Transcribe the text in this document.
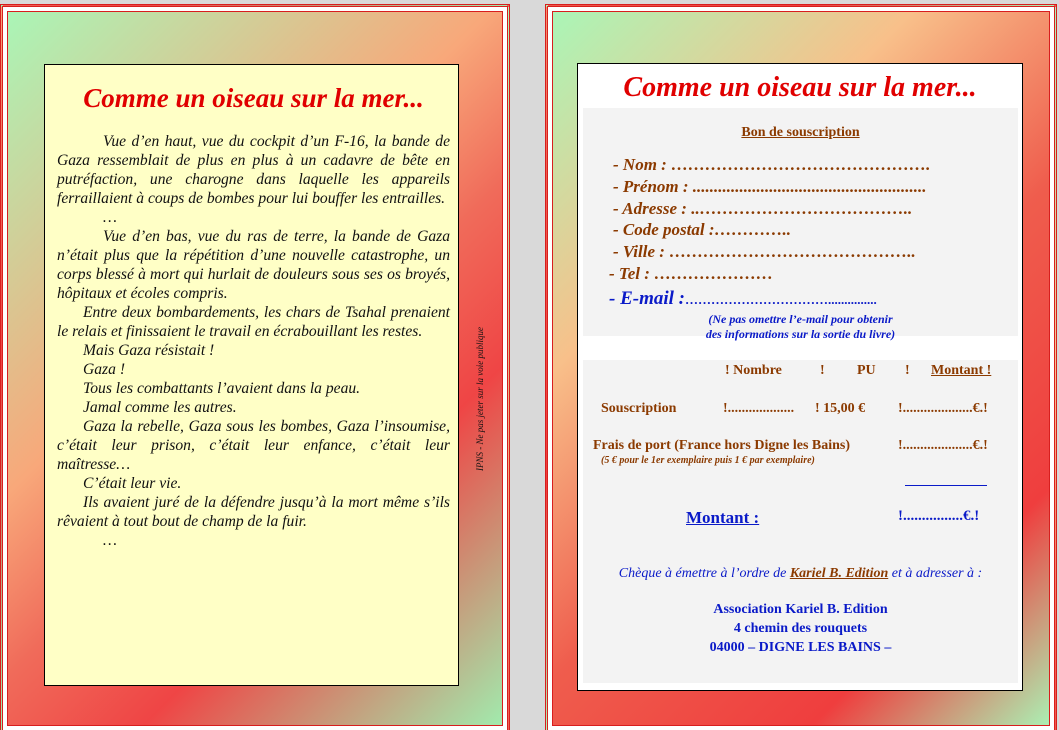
Comme un oiseau sur la mer...

Vue d’en haut, vue du cockpit d’un F-16, la bande de Gaza ressemblait de plus en plus à un cadavre de bête en putréfaction, une charogne dans laquelle les appareils ferraillaient à coups de bombes pour lui bouffer les entrailles.

…

Vue d’en bas, vue du ras de terre, la bande de Gaza n’était plus que la répétition d’une nouvelle catastrophe, un corps blessé à mort qui hurlait de douleurs sous ses os broyés, hôpitaux et écoles compris.

Entre deux bombardements, les chars de Tsahal prenaient le relais et finissaient le travail en écrabouillant les restes.

Mais Gaza résistait !

Gaza !

Tous les combattants l’avaient dans la peau.

Jamal comme les autres.

Gaza la rebelle, Gaza sous les bombes, Gaza l’insoumise, c’était leur prison, c’était leur enfance, c’était leur maîtresse…

C’était leur vie.

Ils avaient juré de la défendre jusqu’à la mort même s’ils rêvaient à tout bout de champ de la fuir.

…

IPNS - Ne pas jeter sur la voie publique
Comme un oiseau sur la mer...
Bon de souscription
- Nom : ……………………………………….
- Prénom : .......................................................
- Adresse : ..………………………………..
- Code postal :…………..
- Ville : ……………………………………..
- Tel : …………………
- E-mail :……………………………...............
(Ne pas omettre l’e-mail pour obtenir
des informations sur la sortie du livre)
! Nombre	! PU ! Montant !
Souscription	!................... ! 15,00 € !....................€.!
Frais de port (France hors Digne les Bains)	!....................€.!
(5 € pour le 1er exemplaire puis 1 € par exemplaire)
Montant :	!................€.!
Chèque à émettre à l’ordre de Kariel B. Edition et à adresser à :
Association Kariel B. Edition
4 chemin des rouquets
04000 – DIGNE LES BAINS –
